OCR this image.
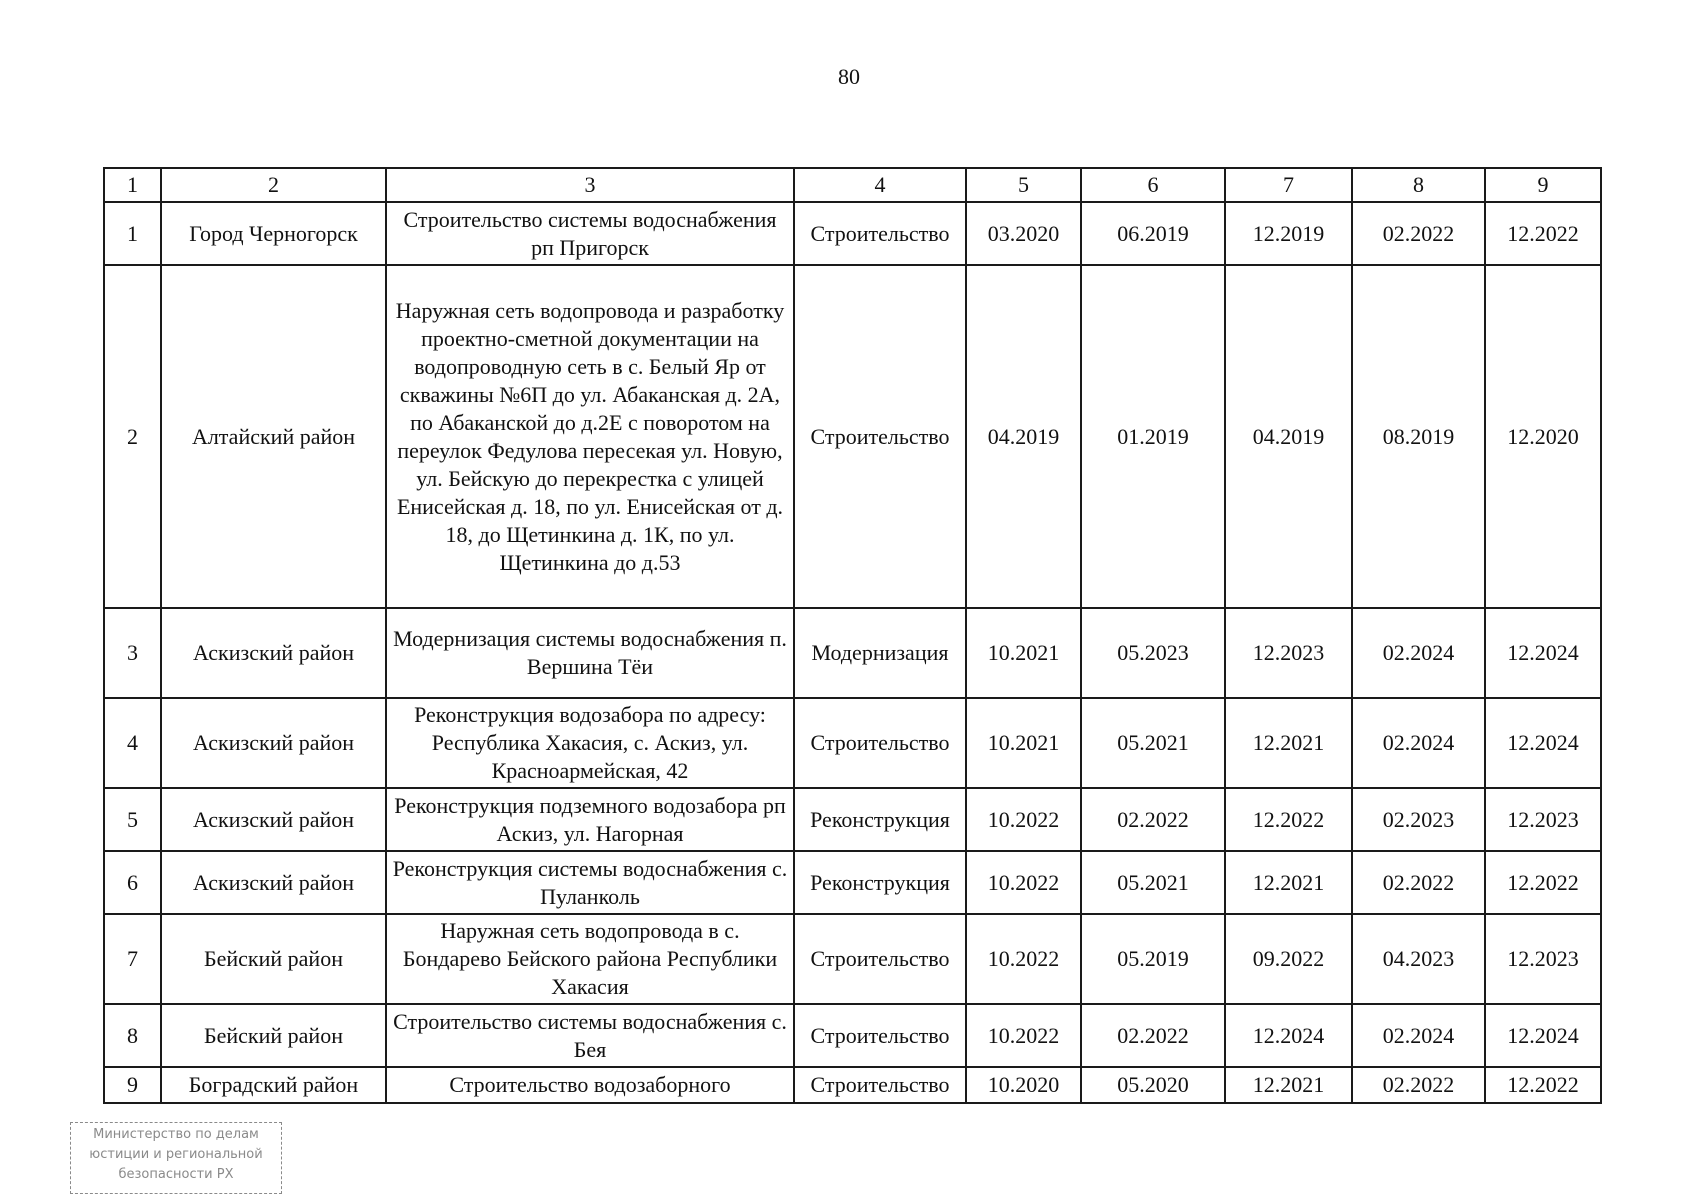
80
1	2	3	4	5	6	7	8	9
1	Город Черногорск	Строительство системы водоснабжения рп Пригорск	Строительство	03.2020	06.2019	12.2019	02.2022	12.2022
2	Алтайский район	Наружная сеть водопровода и разработку проектно-сметной документации на водопроводную сеть в с. Белый Яр от скважины №6П до ул. Абаканская д. 2А, по Абаканской до д.2Е с поворотом на переулок Федулова пересекая ул. Новую, ул. Бейскую до перекрестка с улицей Енисейская д. 18, по ул. Енисейская от д. 18, до Щетинкина д. 1К, по ул. Щетинкина до д.53	Строительство	04.2019	01.2019	04.2019	08.2019	12.2020
3	Аскизский район	Модернизация системы водоснабжения п. Вершина Тёи	Модернизация	10.2021	05.2023	12.2023	02.2024	12.2024
4	Аскизский район	Реконструкция водозабора по адресу: Республика Хакасия, с. Аскиз, ул. Красноармейская, 42	Строительство	10.2021	05.2021	12.2021	02.2024	12.2024
5	Аскизский район	Реконструкция подземного водозабора рп Аскиз, ул. Нагорная	Реконструкция	10.2022	02.2022	12.2022	02.2023	12.2023
6	Аскизский район	Реконструкция системы водоснабжения с. Пуланколь	Реконструкция	10.2022	05.2021	12.2021	02.2022	12.2022
7	Бейский район	Наружная сеть водопровода в с. Бондарево Бейского района Республики Хакасия	Строительство	10.2022	05.2019	09.2022	04.2023	12.2023
8	Бейский район	Строительство системы водоснабжения с. Бея	Строительство	10.2022	02.2022	12.2024	02.2024	12.2024
9	Боградский район	Строительство водозаборного	Строительство	10.2020	05.2020	12.2021	02.2022	12.2022
Министерство по делам
юстиции и региональной
безопасности РХ
